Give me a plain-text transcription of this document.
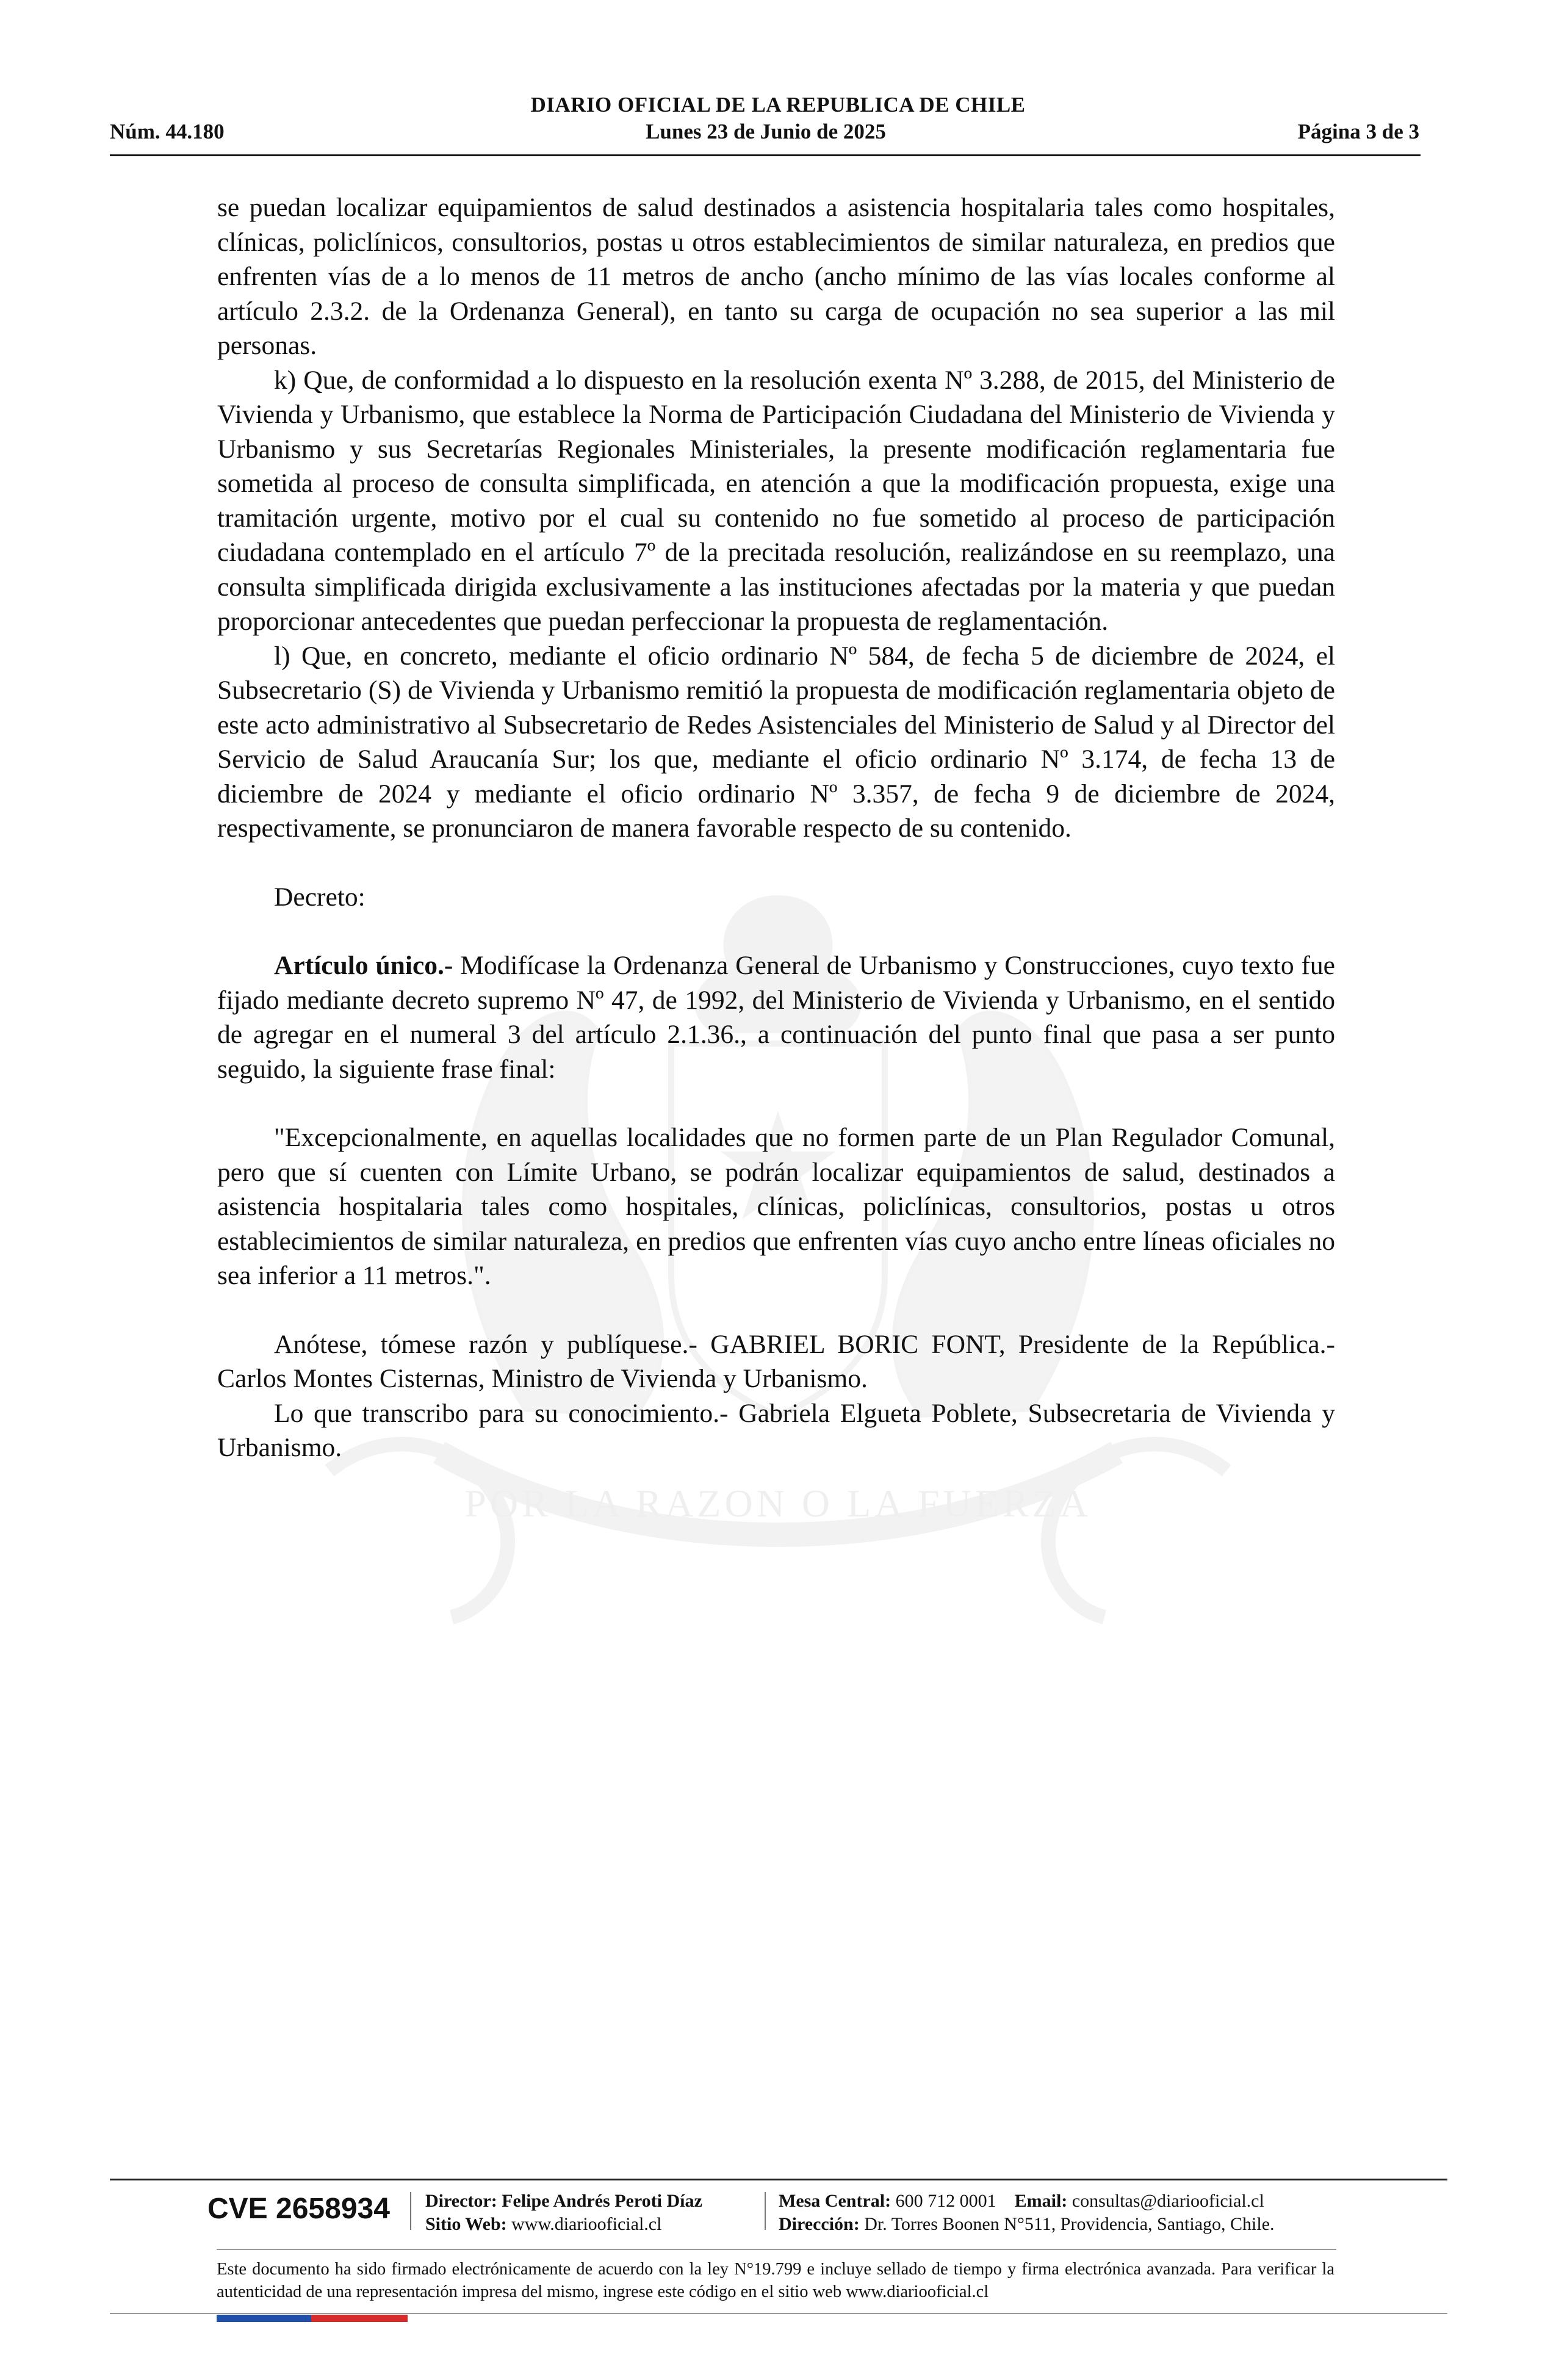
POR LA RAZON O LA FUERZA
DIARIO OFICIAL DE LA REPUBLICA DE CHILE
Núm. 44.180	Lunes 23 de Junio de 2025	Página 3 de 3

se puedan localizar equipamientos de salud destinados a asistencia hospitalaria tales como hospitales, clínicas, policlínicos, consultorios, postas u otros establecimientos de similar naturaleza, en predios que enfrenten vías de a lo menos de 11 metros de ancho (ancho mínimo de las vías locales conforme al artículo 2.3.2. de la Ordenanza General), en tanto su carga de ocupación no sea superior a las mil personas.

k) Que, de conformidad a lo dispuesto en la resolución exenta Nº 3.288, de 2015, del Ministerio de Vivienda y Urbanismo, que establece la Norma de Participación Ciudadana del Ministerio de Vivienda y Urbanismo y sus Secretarías Regionales Ministeriales, la presente modificación reglamentaria fue sometida al proceso de consulta simplificada, en atención a que la modificación propuesta, exige una tramitación urgente, motivo por el cual su contenido no fue sometido al proceso de participación ciudadana contemplado en el artículo 7º de la precitada resolución, realizándose en su reemplazo, una consulta simplificada dirigida exclusivamente a las instituciones afectadas por la materia y que puedan proporcionar antecedentes que puedan perfeccionar la propuesta de reglamentación.

l) Que, en concreto, mediante el oficio ordinario Nº 584, de fecha 5 de diciembre de 2024, el Subsecretario (S) de Vivienda y Urbanismo remitió la propuesta de modificación reglamentaria objeto de este acto administrativo al Subsecretario de Redes Asistenciales del Ministerio de Salud y al Director del Servicio de Salud Araucanía Sur; los que, mediante el oficio ordinario Nº 3.174, de fecha 13 de diciembre de 2024 y mediante el oficio ordinario Nº 3.357, de fecha 9 de diciembre de 2024, respectivamente, se pronunciaron de manera favorable respecto de su contenido.

Decreto:

Artículo único.- Modifícase la Ordenanza General de Urbanismo y Construcciones, cuyo texto fue fijado mediante decreto supremo Nº 47, de 1992, del Ministerio de Vivienda y Urbanismo, en el sentido de agregar en el numeral 3 del artículo 2.1.36., a continuación del punto final que pasa a ser punto seguido, la siguiente frase final:

"Excepcionalmente, en aquellas localidades que no formen parte de un Plan Regulador Comunal, pero que sí cuenten con Límite Urbano, se podrán localizar equipamientos de salud, destinados a asistencia hospitalaria tales como hospitales, clínicas, policlínicas, consultorios, postas u otros establecimientos de similar naturaleza, en predios que enfrenten vías cuyo ancho entre líneas oficiales no sea inferior a 11 metros.".

Anótese, tómese razón y publíquese.- GABRIEL BORIC FONT, Presidente de la República.- Carlos Montes Cisternas, Ministro de Vivienda y Urbanismo.

Lo que transcribo para su conocimiento.- Gabriela Elgueta Poblete, Subsecretaria de Vivienda y Urbanismo.

CVE 2658934 Director: Felipe Andrés Peroti Díaz
Sitio Web: www.diariooficial.cl
Mesa Central: 600 712 0001 Email: consultas@diariooficial.cl
Dirección: Dr. Torres Boonen N°511, Providencia, Santiago, Chile.
Este documento ha sido firmado electrónicamente de acuerdo con la ley N°19.799 e incluye sellado de tiempo y firma electrónica avanzada. Para verificar la autenticidad de una representación impresa del mismo, ingrese este código en el sitio web www.diariooficial.cl
